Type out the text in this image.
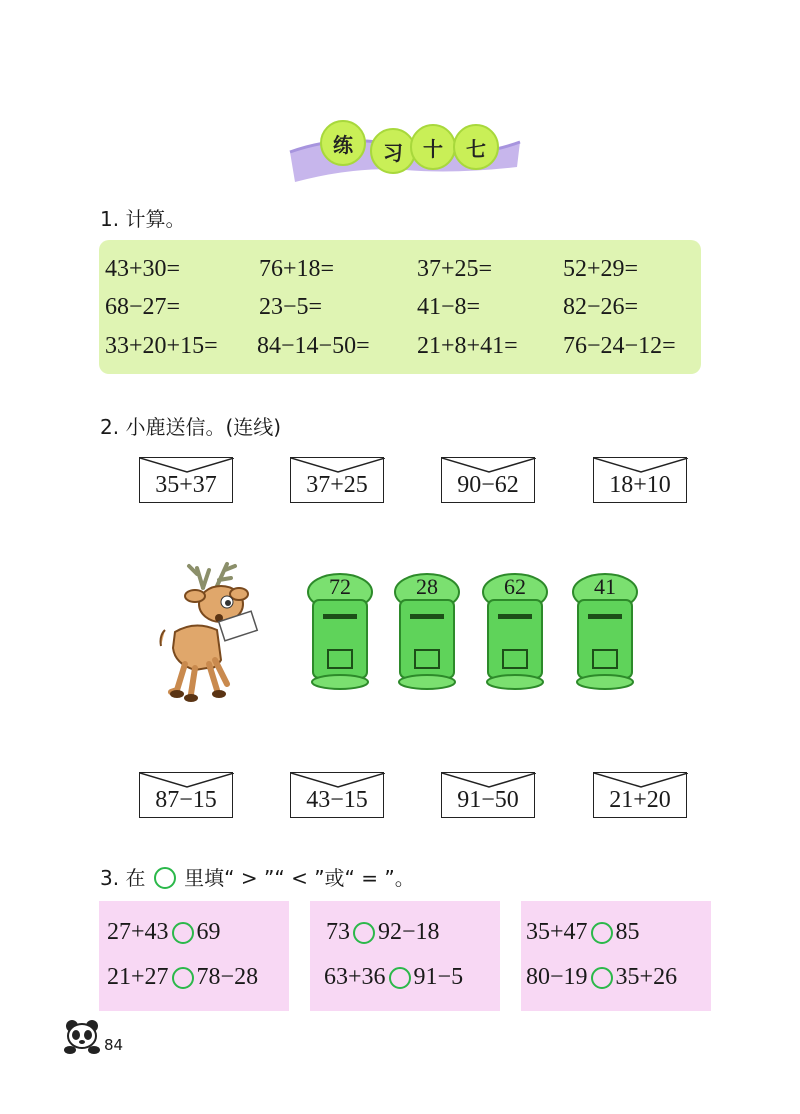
练	习	十	七
1. 计算。
43+30=	76+18=	37+25=	52+29=
68−27=	23−5=	41−8=	82−26=
33+20+15= 84−14−50= 21+8+41= 76−24−12=
2. 小鹿送信。(连线)
35+37	37+25	90−62	18+10
72	28	62	41
87−15	43−15	91−50	21+20
3. 在 里填“ > ”“ < ”或“ = ”。
27+43 69
21+27 78−28
73 92−18
63+36 91−5
35+47 85
80−19 35+26
84
